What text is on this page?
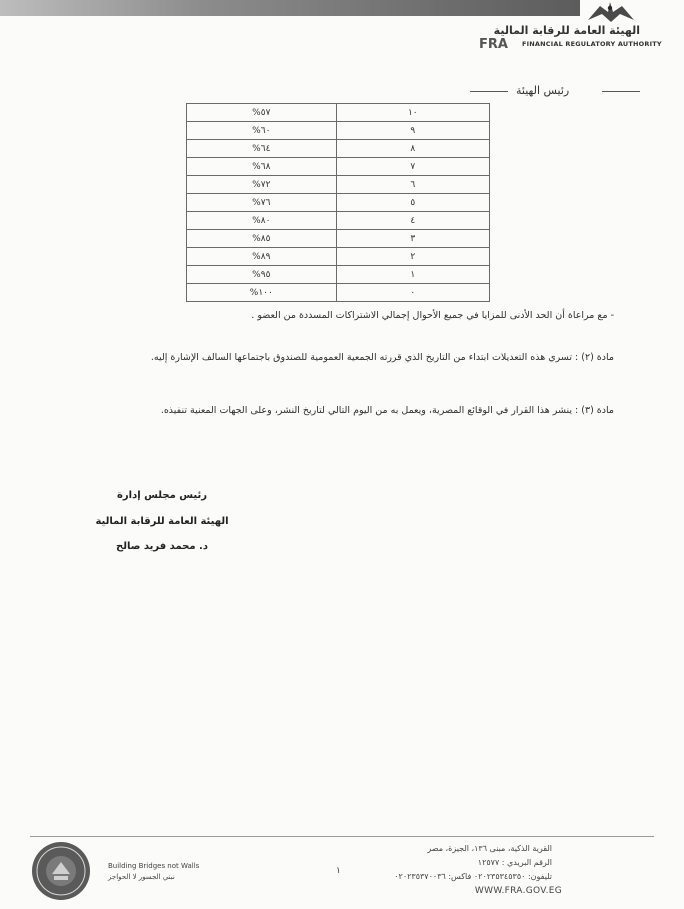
الهيئة العامة للرقابة المالية
FRA FINANCIAL REGULATORY AUTHORITY
رئيس الهيئة
%٥٧	١٠
%٦٠	٩
%٦٤	٨
%٦٨	٧
%٧٢	٦
%٧٦	٥
%٨٠	٤
%٨٥	٣
%٨٩	٢
%٩٥	١
%١٠٠	٠
- مع مراعاة أن الحد الأدنى للمزايا في جميع الأحوال إجمالي الاشتراكات المسددة من العضو .
مادة (٢) : تسري هذه التعديلات ابتداء من التاريخ الذي قررته الجمعية العمومية للصندوق باجتماعها السالف الإشارة إليه.
مادة (٣) : ينشر هذا القرار في الوقائع المصرية، ويعمل به من اليوم التالي لتاريخ النشر، وعلى الجهات المعنية تنفيذه.
رئيس مجلس إدارة
الهيئة العامة للرقابة المالية
د. محمد فريد صالح
Building Bridges not Walls
نبني الجسور لا الحواجز
١
القرية الذكية، مبنى ١٣٦، الجيزة، مصر
الرقم البريدي : ١٢٥٧٧
تليفون: ٠٢٠٢٣٥٣٤٥٣٥٠ فاكس: ٠٢٠٢٣٥٣٧٠٠٣٦
WWW.FRA.GOV.EG
